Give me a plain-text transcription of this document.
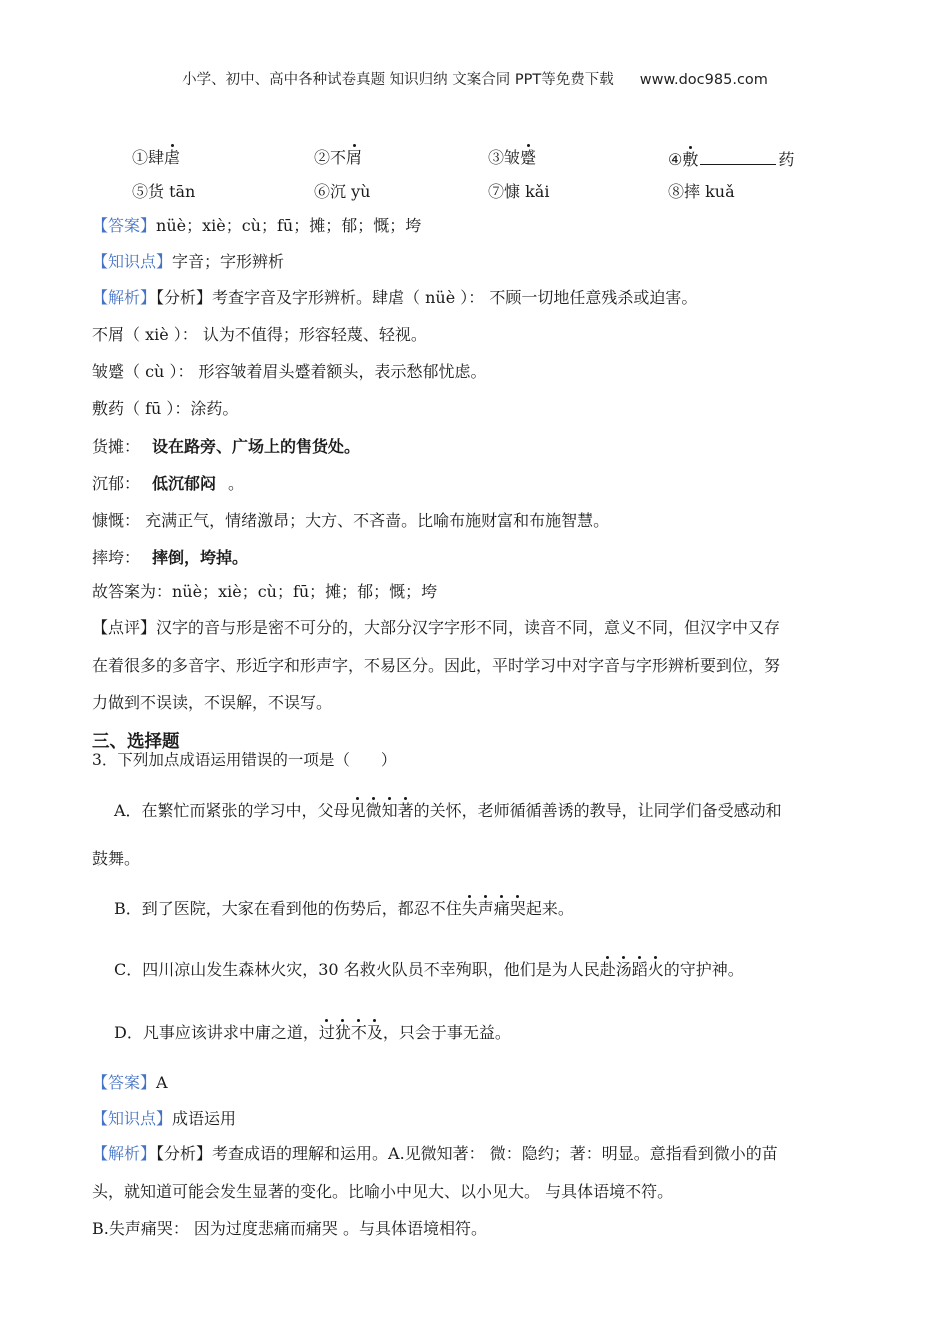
小学、初中、高中各种试卷真题 知识归纳 文案合同 PPT等免费下载 www.doc985.com
①肆虐	②不屑	③皱蹙	④敷	药
⑤货 tān	⑥沉 yù	⑦慷 kǎi	⑧摔 kuǎ
【答案】nüè；xiè；cù；fū；摊；郁；慨；垮
【知识点】字音；字形辨析
【解析】【分析】考查字音及字形辨析。肆虐（ nüè ）： 不顾一切地任意残杀或迫害。
不屑（ xiè ）： 认为不值得；形容轻蔑、轻视。
皱蹙（ cù ）： 形容皱着眉头蹙着额头，表示愁郁忧虑。
敷药（ fū ）：涂药。
货摊： 设在路旁、广场上的售货处。
沉郁： 低沉郁闷 。
慷慨： 充满正气，情绪激昂；大方、不吝啬。比喻布施财富和布施智慧。
摔垮： 摔倒，垮掉。
故答案为：nüè；xiè；cù；fū；摊；郁；慨；垮
【点评】汉字的音与形是密不可分的，大部分汉字字形不同，读音不同，意义不同，但汉字中又存
在着很多的多音字、形近字和形声字，不易区分。因此，平时学习中对字音与字形辨析要到位，努
力做到不误读，不误解，不误写。
三、选择题
3．下列加点成语运用错误的一项是（　　）
A．在繁忙而紧张的学习中，父母见微知著的关怀，老师循循善诱的教导，让同学们备受感动和
鼓舞。
B．到了医院，大家在看到他的伤势后，都忍不住失声痛哭起来。
C．四川凉山发生森林火灾，30 名救火队员不幸殉职，他们是为人民赴汤蹈火的守护神。
D．凡事应该讲求中庸之道，过犹不及，只会于事无益。
【答案】A
【知识点】成语运用
【解析】【分析】考查成语的理解和运用。A.见微知著： 微：隐约；著：明显。意指看到微小的苗
头，就知道可能会发生显著的变化。比喻小中见大、以小见大。 与具体语境不符。
B.失声痛哭： 因为过度悲痛而痛哭 。与具体语境相符。
